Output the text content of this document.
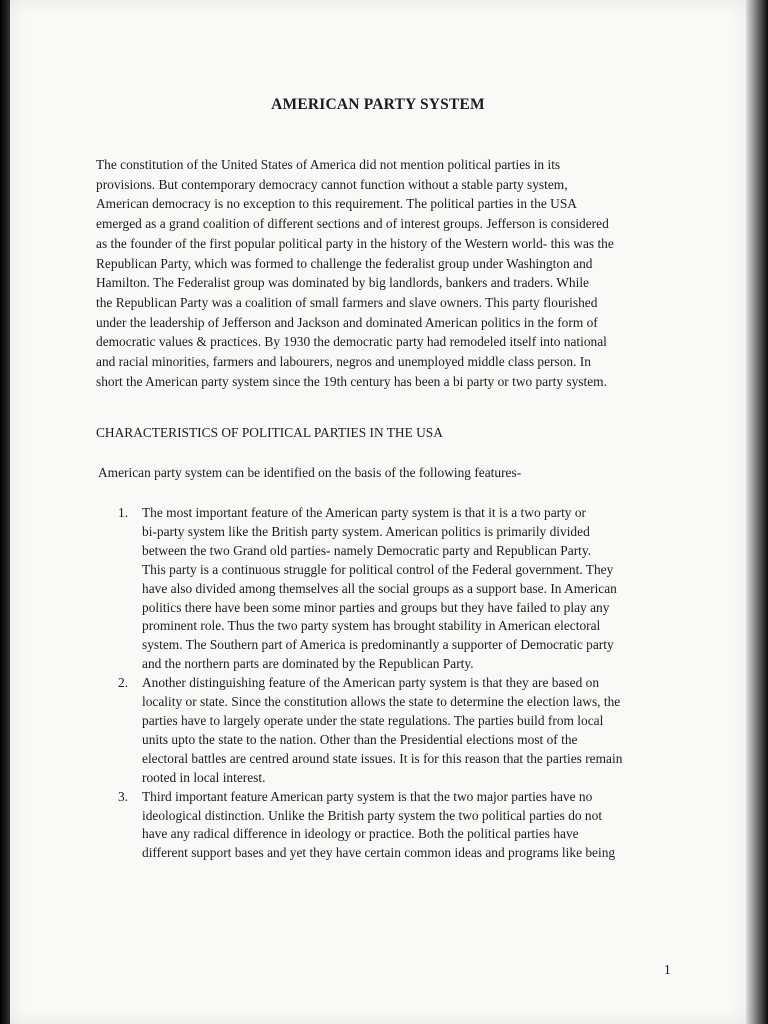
AMERICAN PARTY SYSTEM

The constitution of the United States of America did not mention political parties in its
provisions. But contemporary democracy cannot function without a stable party system,
American democracy is no exception to this requirement. The political parties in the USA
emerged as a grand coalition of different sections and of interest groups. Jefferson is considered
as the founder of the first popular political party in the history of the Western world- this was the
Republican Party, which was formed to challenge the federalist group under Washington and
Hamilton. The Federalist group was dominated by big landlords, bankers and traders. While
the Republican Party was a coalition of small farmers and slave owners. This party flourished
under the leadership of Jefferson and Jackson and dominated American politics in the form of
democratic values & practices. By 1930 the democratic party had remodeled itself into national
and racial minorities, farmers and labourers, negros and unemployed middle class person. In
short the American party system since the 19th century has been a bi party or two party system.

CHARACTERISTICS OF POLITICAL PARTIES IN THE USA

American party system can be identified on the basis of the following features-

1. The most important feature of the American party system is that it is a two party or
bi-party system like the British party system. American politics is primarily divided
between the two Grand old parties- namely Democratic party and Republican Party.
This party is a continuous struggle for political control of the Federal government. They
have also divided among themselves all the social groups as a support base. In American
politics there have been some minor parties and groups but they have failed to play any
prominent role. Thus the two party system has brought stability in American electoral
system. The Southern part of America is predominantly a supporter of Democratic party
and the northern parts are dominated by the Republican Party.
2. Another distinguishing feature of the American party system is that they are based on
locality or state. Since the constitution allows the state to determine the election laws, the
parties have to largely operate under the state regulations. The parties build from local
units upto the state to the nation. Other than the Presidential elections most of the
electoral battles are centred around state issues. It is for this reason that the parties remain
rooted in local interest.
3. Third important feature American party system is that the two major parties have no
ideological distinction. Unlike the British party system the two political parties do not
have any radical difference in ideology or practice. Both the political parties have
different support bases and yet they have certain common ideas and programs like being

1
